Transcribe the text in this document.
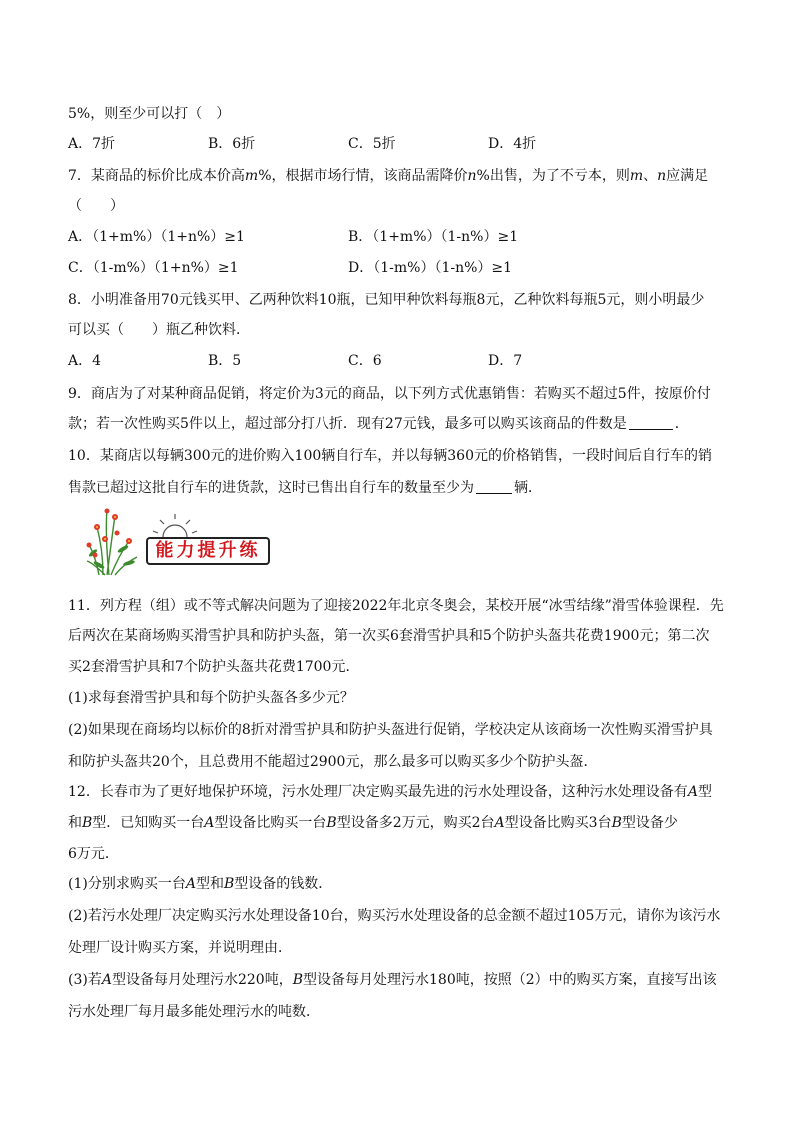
5%，则至少可以打（　）
A．7折	B．6折	C．5折	D．4折
7．某商品的标价比成本价高m%，根据市场行情，该商品需降价n%出售，为了不亏本，则m、n应满足
（　　）
A．（1+m%）（1+n%）≥1	B．（1+m%）（1-n%）≥1
C．（1-m%）（1+n%）≥1	D．（1-m%）（1-n%）≥1
8．小明准备用70元钱买甲、乙两种饮料10瓶，已知甲种饮料每瓶8元，乙种饮料每瓶5元，则小明最少
可以买（　　）瓶乙种饮料．
A．4	B．5	C．6	D．7
9．商店为了对某种商品促销，将定价为3元的商品，以下列方式优惠销售：若购买不超过5件，按原价付
款；若一次性购买5件以上，超过部分打八折．现有27元钱，最多可以购买该商品的件数是	．
10．某商店以每辆300元的进价购入100辆自行车，并以每辆360元的价格销售，一段时间后自行车的销
售款已超过这批自行车的进货款，这时已售出自行车的数量至少为	辆．
能力提升练
11．列方程（组）或不等式解决问题为了迎接2022年北京冬奥会，某校开展“冰雪结缘”滑雪体验课程．先
后两次在某商场购买滑雪护具和防护头盔，第一次买6套滑雪护具和5个防护头盔共花费1900元；第二次
买2套滑雪护具和7个防护头盔共花费1700元．
(1)求每套滑雪护具和每个防护头盔各多少元？
(2)如果现在商场均以标价的8折对滑雪护具和防护头盔进行促销，学校决定从该商场一次性购买滑雪护具
和防护头盔共20个，且总费用不能超过2900元，那么最多可以购买多少个防护头盔．
12．长春市为了更好地保护环境，污水处理厂决定购买最先进的污水处理设备，这种污水处理设备有A型
和B型．已知购买一台A型设备比购买一台B型设备多2万元，购买2台A型设备比购买3台B型设备少
6万元．
(1)分别求购买一台A型和B型设备的钱数．
(2)若污水处理厂决定购买污水处理设备10台，购买污水处理设备的总金额不超过105万元，请你为该污水
处理厂设计购买方案，并说明理由．
(3)若A型设备每月处理污水220吨，B型设备每月处理污水180吨，按照（2）中的购买方案，直接写出该
污水处理厂每月最多能处理污水的吨数．
